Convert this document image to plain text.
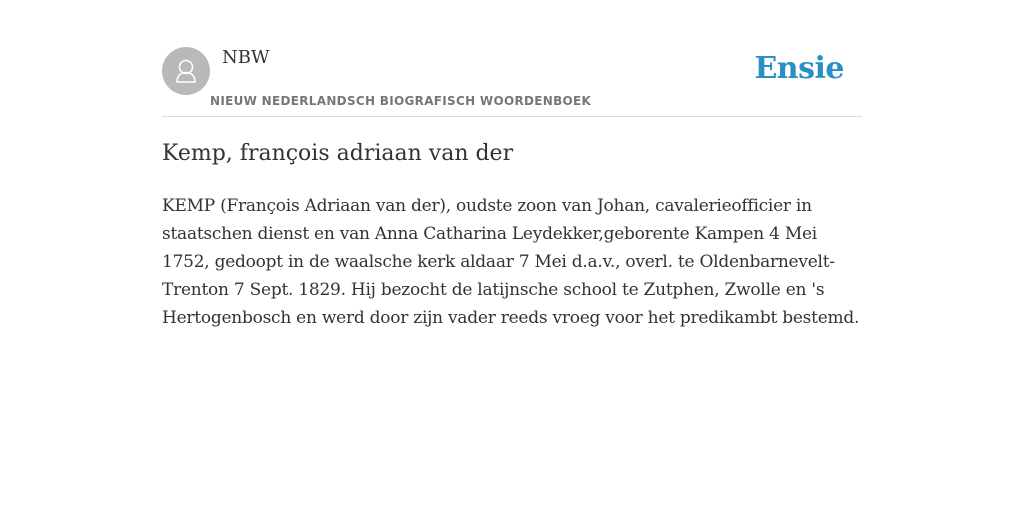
NBW
NIEUW NEDERLANDSCH BIOGRAFISCH WOORDENBOEK
Ensie
Kemp, françois adriaan van der

KEMP (François Adriaan van der), oudste zoon van Johan, cavalerieofficier in staatschen dienst en van Anna Catharina Leydekker,geborente Kampen 4 Mei 1752, gedoopt in de waalsche kerk aldaar 7 Mei d.a.v., overl. te Oldenbarnevelt-Trenton 7 Sept. 1829. Hij bezocht de latijnsche school te Zutphen, Zwolle en 's Hertogenbosch en werd door zijn vader reeds vroeg voor het predikambt bestemd.
